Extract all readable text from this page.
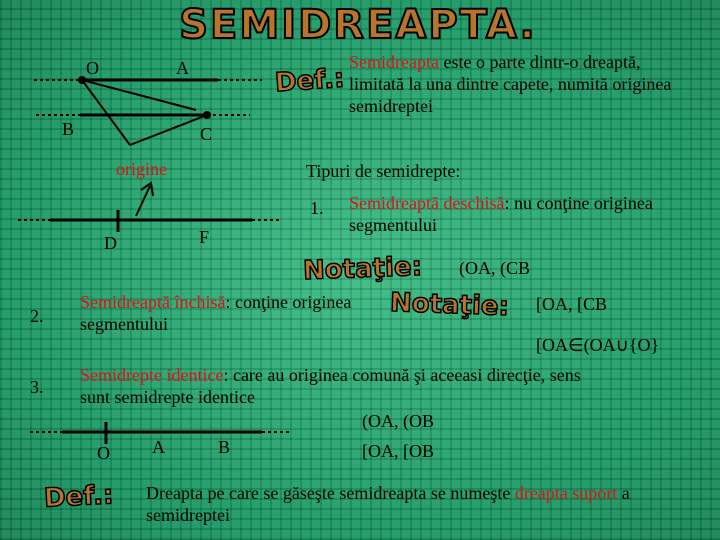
SEMIDREAPTA.
O	A
B	C
origine
D	F
O A	B
Def.:
Semidreapta este o parte dintr-o dreaptă, limitată la una dintre capete, numită originea semidreptei
Tipuri de semidrepte:
1. Semidreaptă deschisă: nu conţine originea segmentului
Notaţie: (OA, (CB
2.
Semidreaptă închisă: conţine originea segmentului
Notaţie: [OA, [CB
[OA∈(OA∪{O}
3.
Semidrepte identice: care au originea comună şi aceeasi direcţie, sens sunt semidrepte identice
(OA, (OB
[OA, [OB
Def.: Dreapta pe care se găseşte semidreapta se numeşte dreapta suport a semidreptei
